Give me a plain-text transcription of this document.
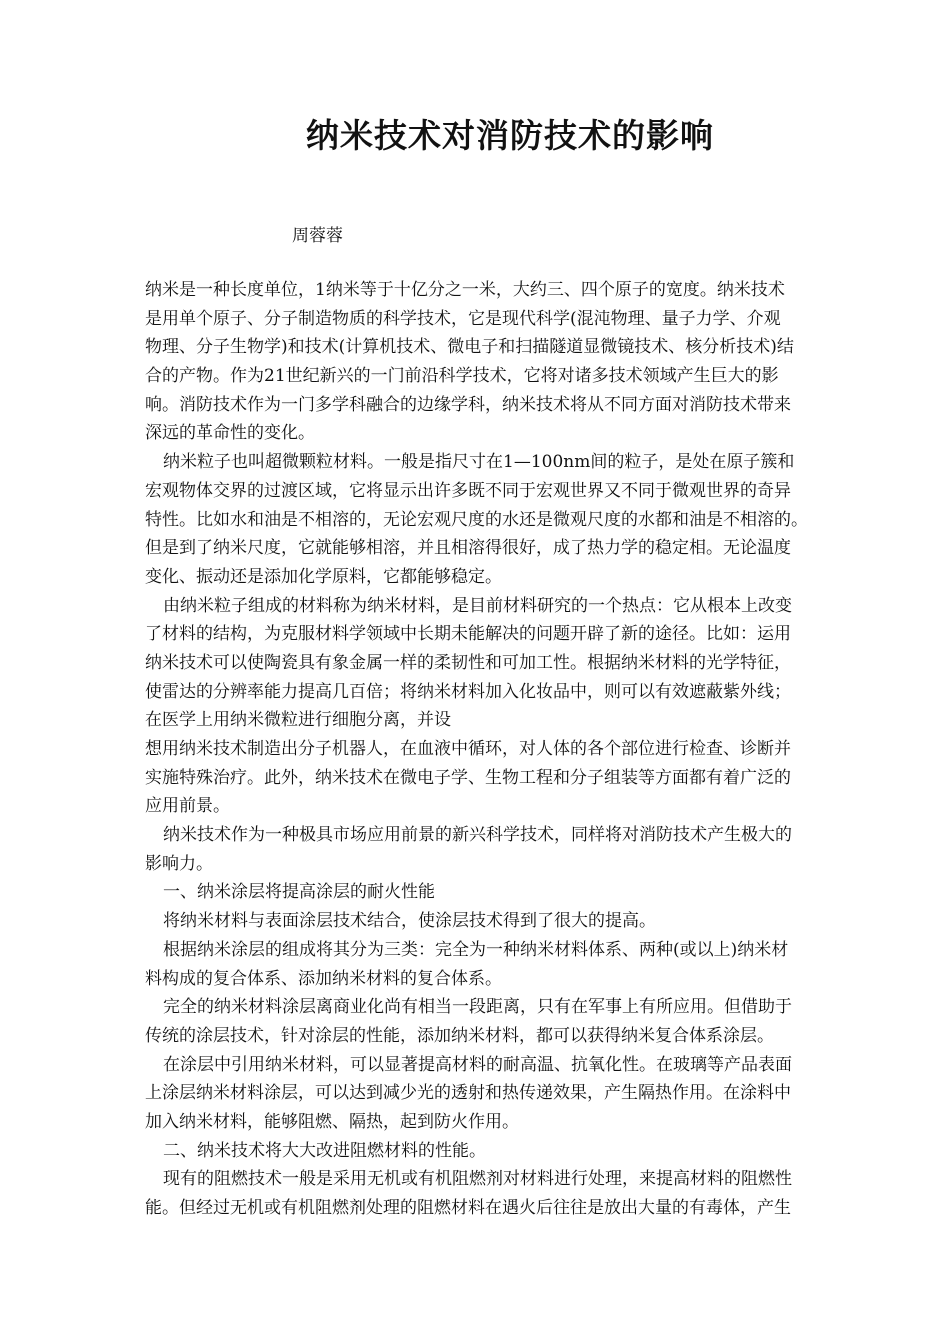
纳米技术对消防技术的影响
周蓉蓉
纳米是一种长度单位，1纳米等于十亿分之一米，大约三、四个原子的宽度。纳米技术
是用单个原子、分子制造物质的科学技术，它是现代科学(混沌物理、量子力学、介观
物理、分子生物学)和技术(计算机技术、微电子和扫描隧道显微镜技术、核分析技术)结
合的产物。作为21世纪新兴的一门前沿科学技术，它将对诸多技术领域产生巨大的影
响。消防技术作为一门多学科融合的边缘学科，纳米技术将从不同方面对消防技术带来
深远的革命性的变化。
纳米粒子也叫超微颗粒材料。一般是指尺寸在1—100nm间的粒子，是处在原子簇和
宏观物体交界的过渡区域，它将显示出许多既不同于宏观世界又不同于微观世界的奇异
特性。比如水和油是不相溶的，无论宏观尺度的水还是微观尺度的水都和油是不相溶的。
但是到了纳米尺度，它就能够相溶，并且相溶得很好，成了热力学的稳定相。无论温度
变化、振动还是添加化学原料，它都能够稳定。
由纳米粒子组成的材料称为纳米材料，是目前材料研究的一个热点：它从根本上改变
了材料的结构，为克服材料学领域中长期未能解决的问题开辟了新的途径。比如：运用
纳米技术可以使陶瓷具有象金属一样的柔韧性和可加工性。根据纳米材料的光学特征，
使雷达的分辨率能力提高几百倍；将纳米材料加入化妆品中，则可以有效遮蔽紫外线；
在医学上用纳米微粒进行细胞分离，并设
想用纳米技术制造出分子机器人，在血液中循环，对人体的各个部位进行检查、诊断并
实施特殊治疗。此外，纳米技术在微电子学、生物工程和分子组装等方面都有着广泛的
应用前景。
纳米技术作为一种极具市场应用前景的新兴科学技术，同样将对消防技术产生极大的
影响力。
一、纳米涂层将提高涂层的耐火性能
将纳米材料与表面涂层技术结合，使涂层技术得到了很大的提高。
根据纳米涂层的组成将其分为三类：完全为一种纳米材料体系、两种(或以上)纳米材
料构成的复合体系、添加纳米材料的复合体系。
完全的纳米材料涂层离商业化尚有相当一段距离，只有在军事上有所应用。但借助于
传统的涂层技术，针对涂层的性能，添加纳米材料，都可以获得纳米复合体系涂层。
在涂层中引用纳米材料，可以显著提高材料的耐高温、抗氧化性。在玻璃等产品表面
上涂层纳米材料涂层，可以达到减少光的透射和热传递效果，产生隔热作用。在涂料中
加入纳米材料，能够阻燃、隔热，起到防火作用。
二、纳米技术将大大改进阻燃材料的性能。
现有的阻燃技术一般是采用无机或有机阻燃剂对材料进行处理，来提高材料的阻燃性
能。但经过无机或有机阻燃剂处理的阻燃材料在遇火后往往是放出大量的有毒体，产生
